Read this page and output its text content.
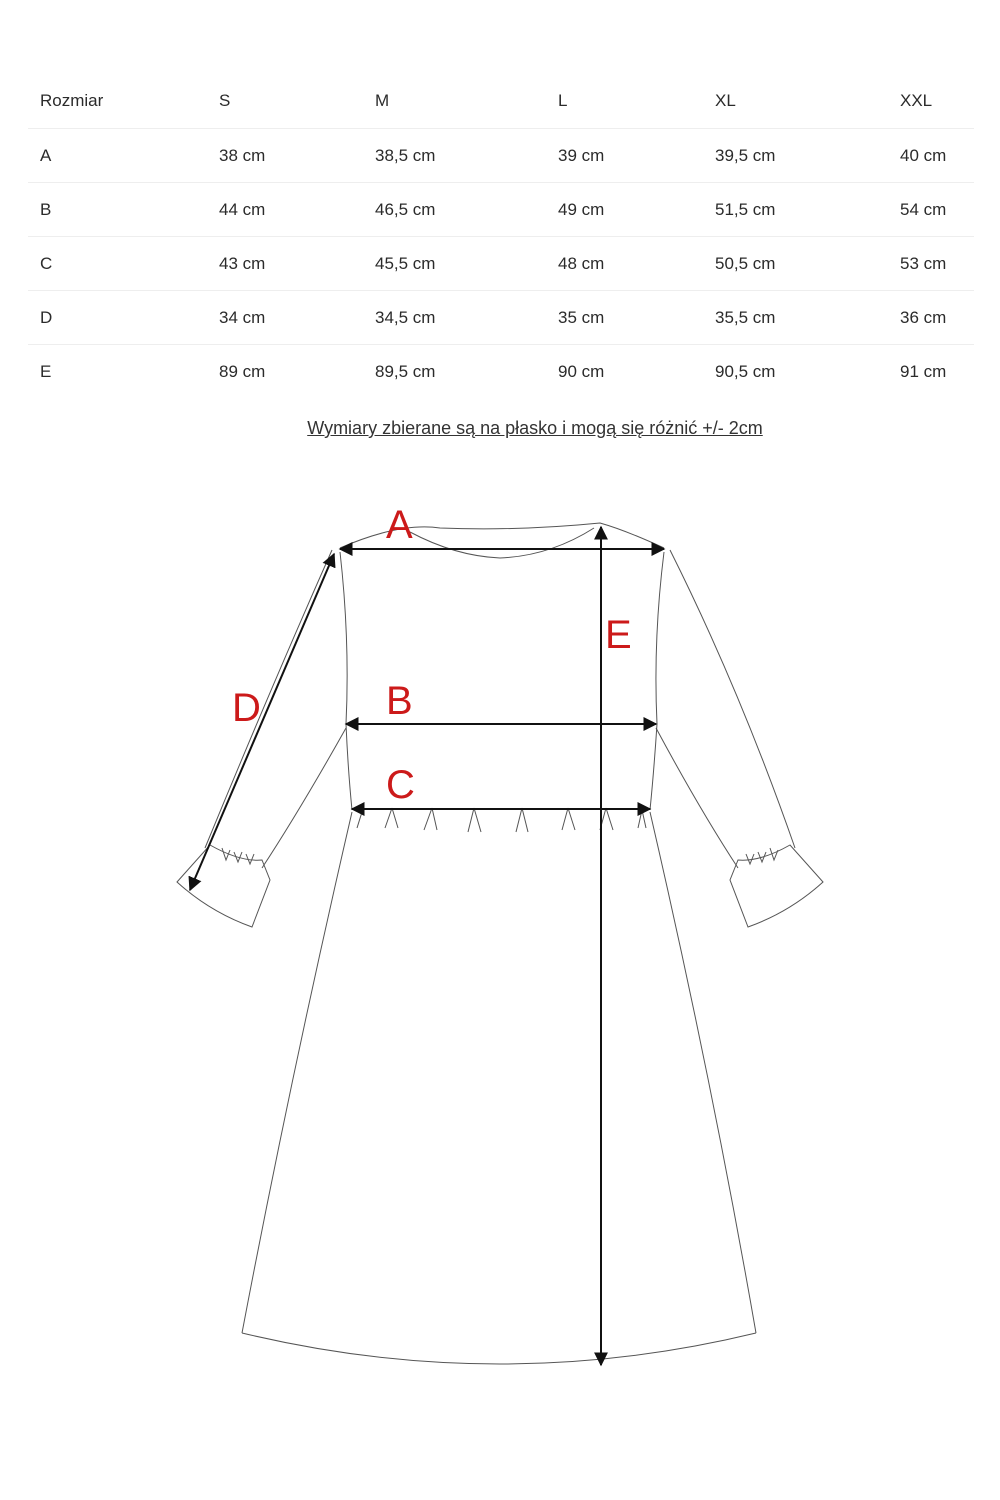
Rozmiar	S	M	L	XL	XXL
A	38 cm	38,5 cm	39 cm	39,5 cm	40 cm
B	44 cm	46,5 cm	49 cm	51,5 cm	54 cm
C	43 cm	45,5 cm	48 cm	50,5 cm	53 cm
D	34 cm	34,5 cm	35 cm	35,5 cm	36 cm
E	89 cm	89,5 cm	90 cm	90,5 cm	91 cm
Wymiary zbierane są na płasko i mogą się różnić +/- 2cm
A
B
C
D
E
